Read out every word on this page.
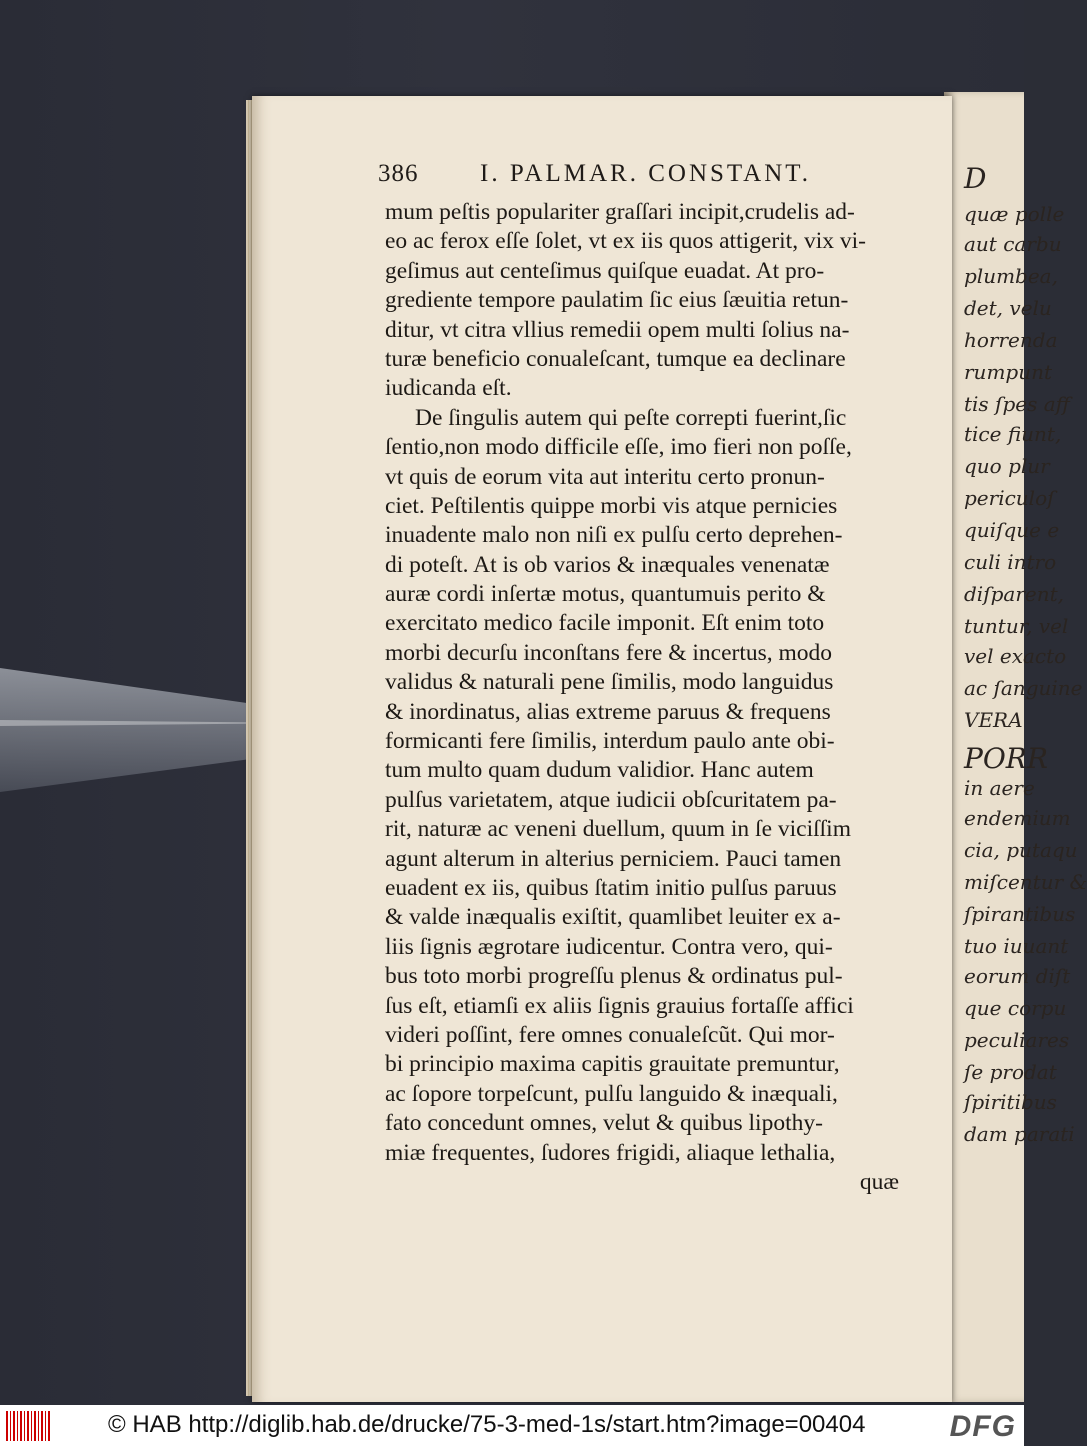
D
quæ polle
aut carbu
plumbea,
det, velu
horrenda
rumpunt
tis ſpes aff
tice fiunt,
quo plur
periculoſ
quiſque e
culi intro
diſparent,
tuntur, vel
vel exacto
ac ſanguine
VERA
PORR
in aere
endemium
cia, putaqu
miſcentur &
ſpirantibus
tuo iuuant
eorum diſt
que corpu
peculiares
ſe prodat
ſpiritibus
dam parati
386 I. PALMAR. CONSTANT.
mum peſtis populariter graſſari incipit,crudelis ad-
eo ac ferox eſſe ſolet, vt ex iis quos attigerit, vix vi-
geſimus aut centeſimus quiſque euadat. At pro-
grediente tempore paulatim ſic eius ſæuitia retun-
ditur, vt citra vllius remedii opem multi ſolius na-
turæ beneficio conualeſcant, tumque ea declinare
iudicanda eſt.
De ſingulis autem qui peſte correpti fuerint,ſic
ſentio,non modo difficile eſſe, imo fieri non poſſe,
vt quis de eorum vita aut interitu certo pronun-
ciet. Peſtilentis quippe morbi vis atque pernicies
inuadente malo non niſi ex pulſu certo deprehen-
di poteſt. At is ob varios & inæquales venenatæ
auræ cordi inſertæ motus, quantumuis perito &
exercitato medico facile imponit. Eſt enim toto
morbi decurſu inconſtans fere & incertus, modo
validus & naturali pene ſimilis, modo languidus
& inordinatus, alias extreme paruus & frequens
formicanti fere ſimilis, interdum paulo ante obi-
tum multo quam dudum validior. Hanc autem
pulſus varietatem, atque iudicii obſcuritatem pa-
rit, naturæ ac veneni duellum, quum in ſe viciſſim
agunt alterum in alterius perniciem. Pauci tamen
euadent ex iis, quibus ſtatim initio pulſus paruus
& valde inæqualis exiſtit, quamlibet leuiter ex a-
liis ſignis ægrotare iudicentur. Contra vero, qui-
bus toto morbi progreſſu plenus & ordinatus pul-
ſus eſt, etiamſi ex aliis ſignis grauius fortaſſe affici
videri poſſint, fere omnes conualeſcũt. Qui mor-
bi principio maxima capitis grauitate premuntur,
ac ſopore torpeſcunt, pulſu languido & inæquali,
fato concedunt omnes, velut & quibus lipothy-
miæ frequentes, ſudores frigidi, aliaque lethalia,
quæ
© HAB http://diglib.hab.de/drucke/75-3-med-1s/start.htm?image=00404	DFG
